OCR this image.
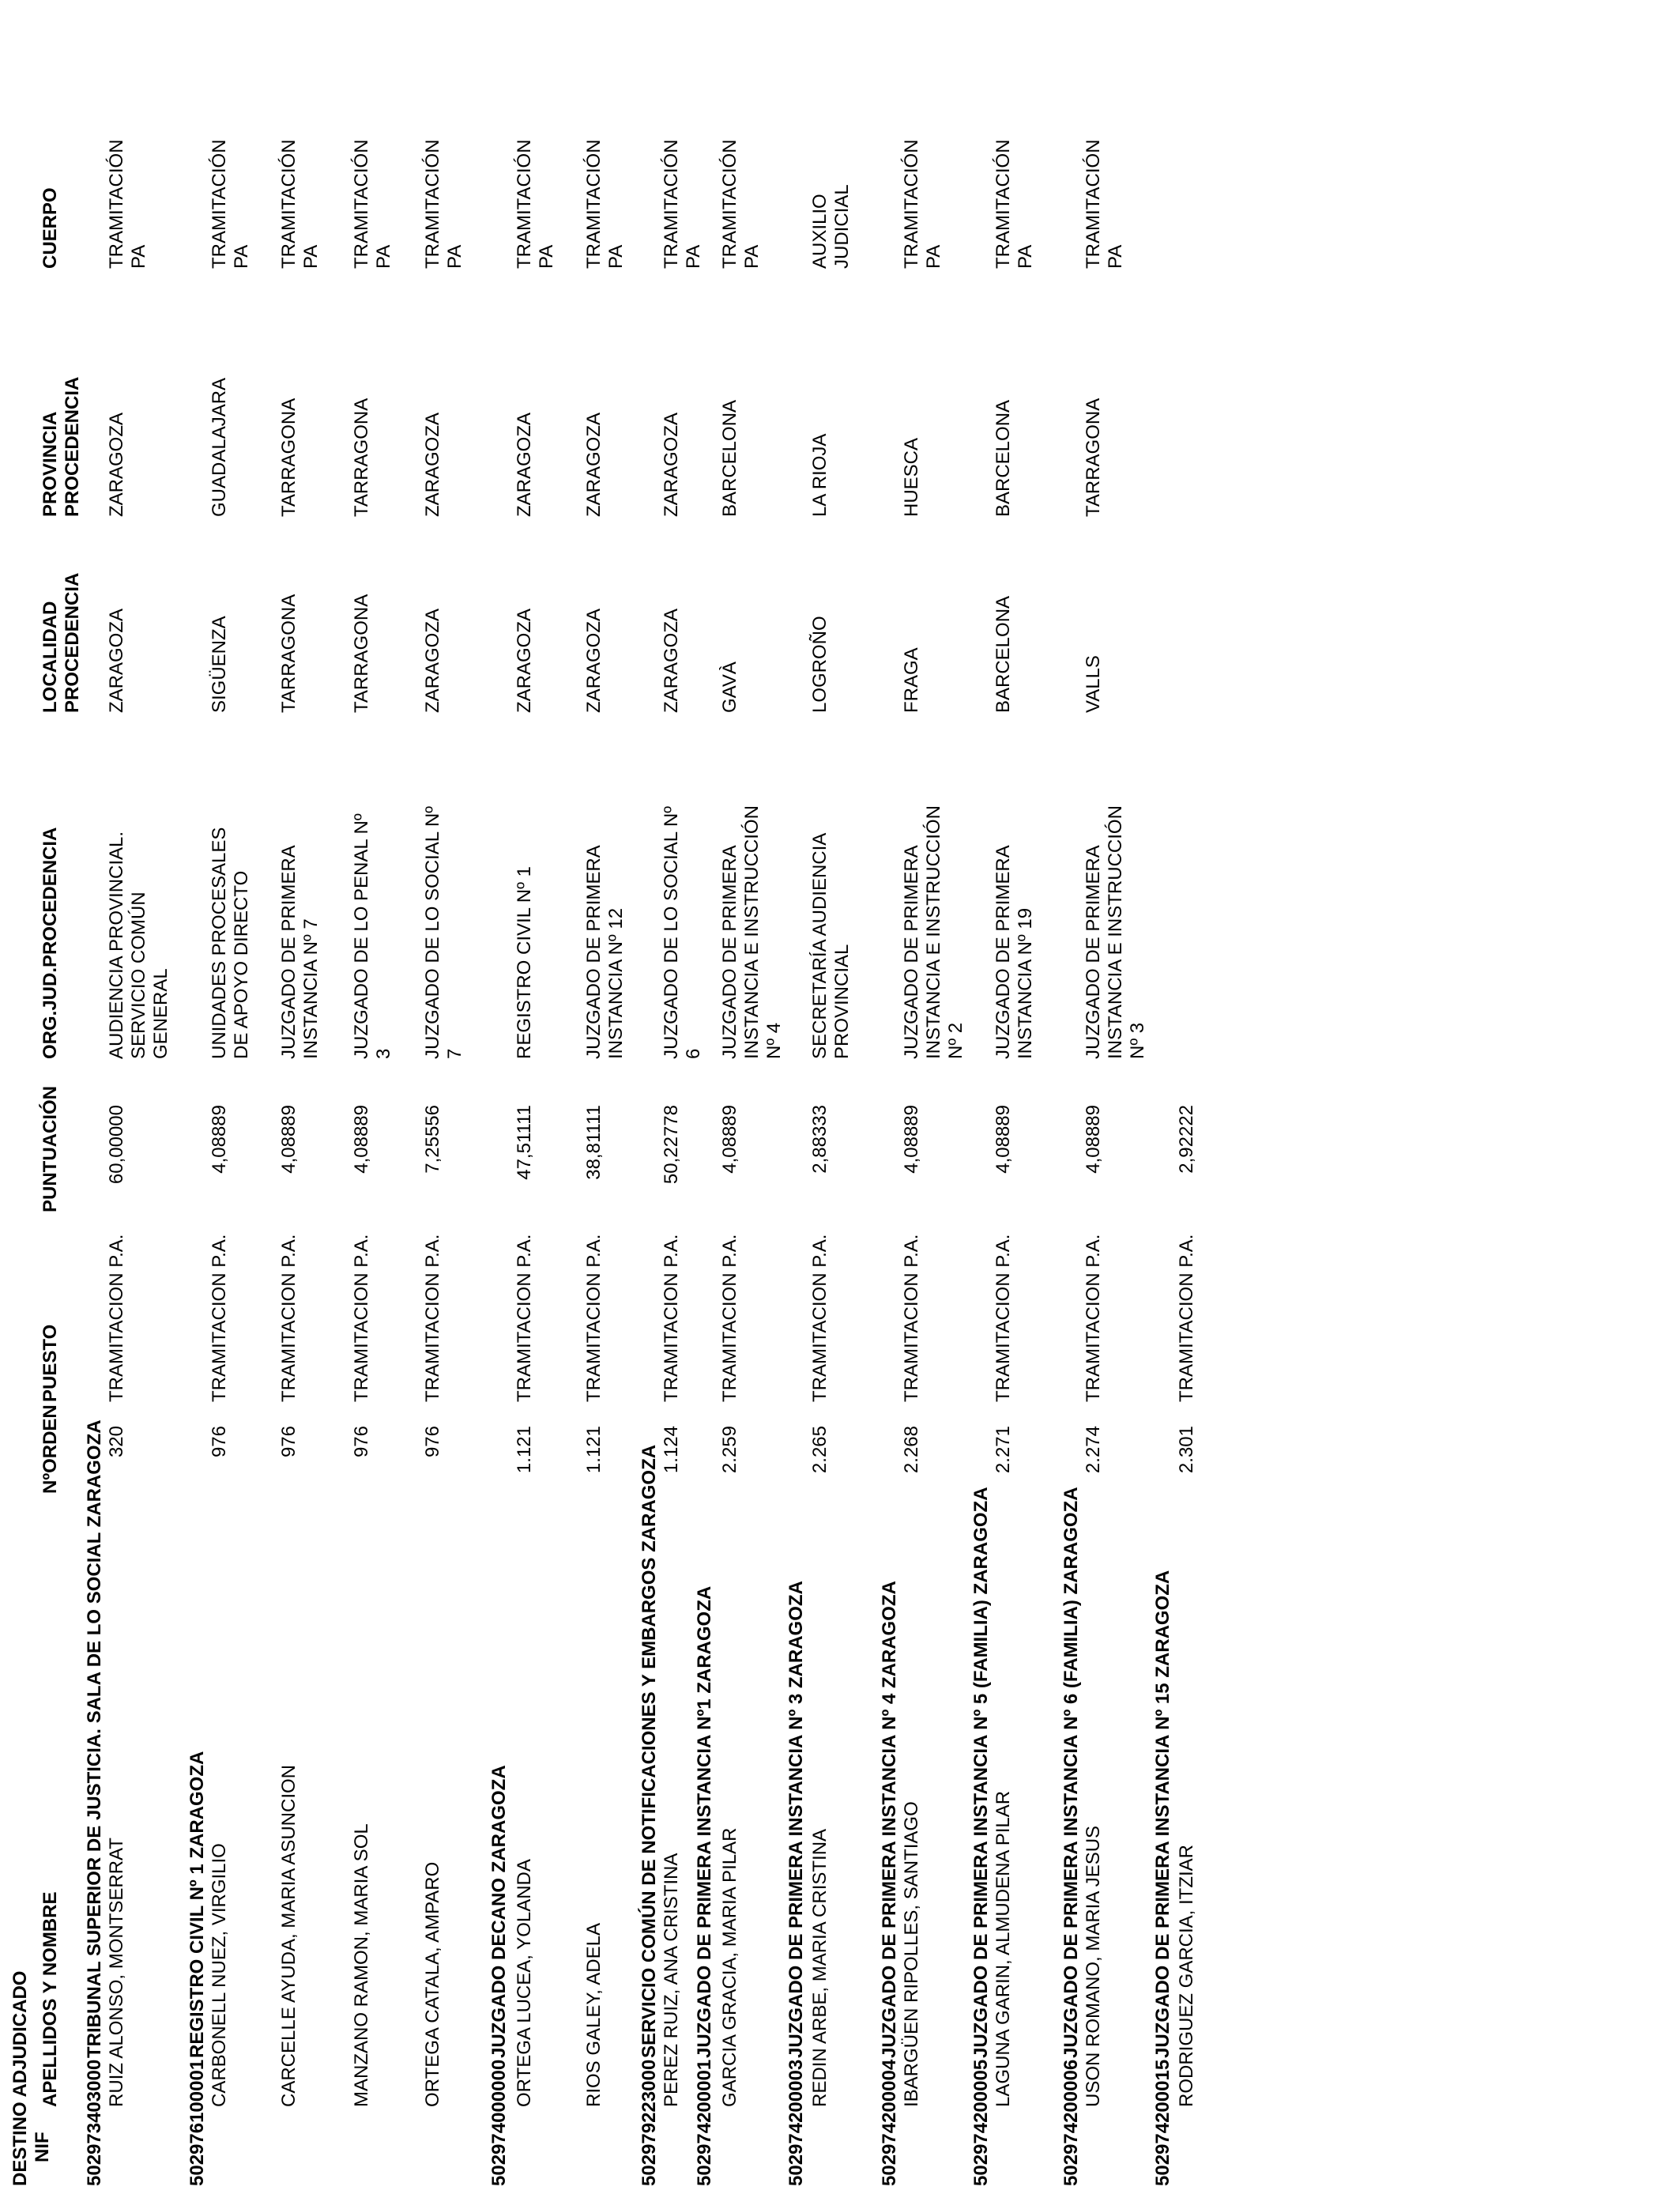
DESTINO ADJUDICADO NIF
APELLIDOS Y NOMBRE
NºORDEN
PUESTO
PUNTUACIÓN
ORG.JUD.PROCEDENCIA
LOCALIDAD PROCEDENCIA
PROVINCIA PROCEDENCIA
CUERPO
502973403000
TRIBUNAL SUPERIOR DE JUSTICIA. SALA DE LO SOCIAL ZARAGOZA RUIZ ALONSO, MONTSERRAT
320
TRAMITACION P.A.
60,00000
AUDIENCIA PROVINCIAL. SERVICIO COMÚN GENERAL
ZARAGOZA
ZARAGOZA
TRAMITACIÓN PA
502976100001
REGISTRO CIVIL Nº 1 ZARAGOZA CARBONELL NUEZ, VIRGILIO
976
TRAMITACION P.A.
4,08889
UNIDADES PROCESALES DE APOYO DIRECTO
SIGÜENZA
GUADALAJARA
TRAMITACIÓN PA
CARCELLE AYUDA, MARIA ASUNCION
976
TRAMITACION P.A.
4,08889
JUZGADO DE PRIMERA INSTANCIA Nº 7
TARRAGONA
TARRAGONA
TRAMITACIÓN PA
MANZANO RAMON, MARIA SOL
976
TRAMITACION P.A.
4,08889
JUZGADO DE LO PENAL Nº 3
TARRAGONA
TARRAGONA
TRAMITACIÓN PA
ORTEGA CATALA, AMPARO
976
TRAMITACION P.A.
7,25556
JUZGADO DE LO SOCIAL Nº 7
ZARAGOZA
ZARAGOZA
TRAMITACIÓN PA
502974000000
JUZGADO DECANO ZARAGOZA ORTEGA LUCEA, YOLANDA
1.121
TRAMITACION P.A.
47,51111
REGISTRO CIVIL Nº 1
ZARAGOZA
ZARAGOZA
TRAMITACIÓN PA
RIOS GALEY, ADELA
1.121
TRAMITACION P.A.
38,81111
JUZGADO DE PRIMERA INSTANCIA Nº 12
ZARAGOZA
ZARAGOZA
TRAMITACIÓN PA
502979223000
SERVICIO COMÚN DE NOTIFICACIONES Y EMBARGOS ZARAGOZA PEREZ RUIZ, ANA CRISTINA
1.124
TRAMITACION P.A.
50,22778
JUZGADO DE LO SOCIAL Nº 6
ZARAGOZA
ZARAGOZA
TRAMITACIÓN PA
502974200001
JUZGADO DE PRIMERA INSTANCIA Nº1 ZARAGOZA GARCIA GRACIA, MARIA PILAR
2.259
TRAMITACION P.A.
4,08889
JUZGADO DE PRIMERA INSTANCIA E INSTRUCCIÓN Nº 4
GAVÀ
BARCELONA
TRAMITACIÓN PA
502974200003
JUZGADO DE PRIMERA INSTANCIA Nº 3 ZARAGOZA REDIN ARBE, MARIA CRISTINA
2.265
TRAMITACION P.A.
2,88333
SECRETARÍA AUDIENCIA PROVINCIAL
LOGROÑO
LA RIOJA
AUXILIO JUDICIAL
502974200004
JUZGADO DE PRIMERA INSTANCIA Nº 4 ZARAGOZA IBARGÜEN RIPOLLES, SANTIAGO
2.268
TRAMITACION P.A.
4,08889
JUZGADO DE PRIMERA INSTANCIA E INSTRUCCIÓN Nº 2
FRAGA
HUESCA
TRAMITACIÓN PA
502974200005
JUZGADO DE PRIMERA INSTANCIA Nº 5 (FAMILIA) ZARAGOZA LAGUNA GARIN, ALMUDENA PILAR
2.271
TRAMITACION P.A.
4,08889
JUZGADO DE PRIMERA INSTANCIA Nº 19
BARCELONA
BARCELONA
TRAMITACIÓN PA
502974200006
JUZGADO DE PRIMERA INSTANCIA Nº 6 (FAMILIA) ZARAGOZA USON ROMANO, MARIA JESUS
2.274
TRAMITACION P.A.
4,08889
JUZGADO DE PRIMERA INSTANCIA E INSTRUCCIÓN Nº 3
VALLS
TARRAGONA
TRAMITACIÓN PA
502974200015
JUZGADO DE PRIMERA INSTANCIA Nº 15 ZARAGOZA RODRIGUEZ GARCIA, ITZIAR
2.301
TRAMITACION P.A.
2,92222
